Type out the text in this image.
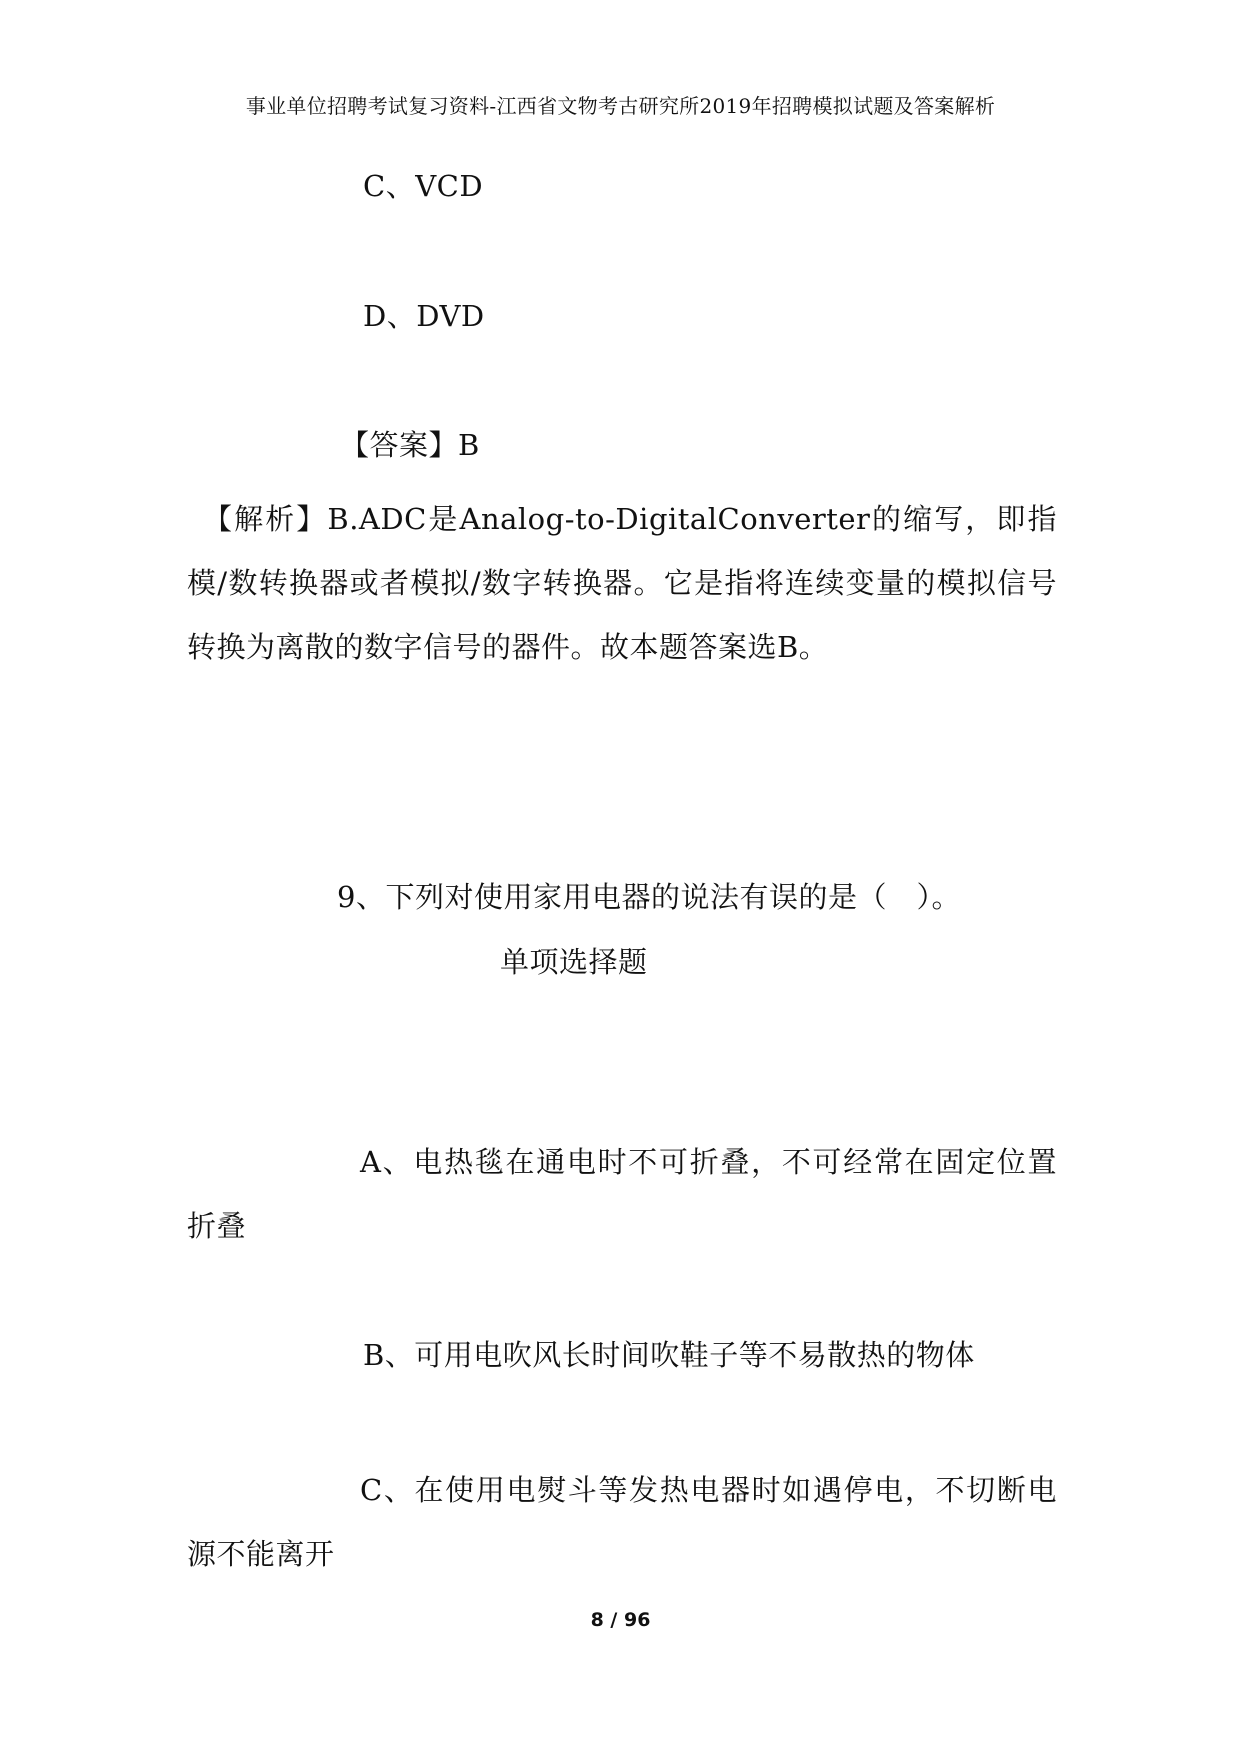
事业单位招聘考试复习资料-江西省文物考古研究所2019年招聘模拟试题及答案解析
C、VCD
D、DVD
【答案】B
【解析】B.ADC是Analog-to-DigitalConverter的缩写，即指模/数转换器或者模拟/数字转换器。它是指将连续变量的模拟信号转换为离散的数字信号的器件。故本题答案选B。
9、下列对使用家用电器的说法有误的是（　）。
单项选择题
A、电热毯在通电时不可折叠，不可经常在固定位置折叠
B、可用电吹风长时间吹鞋子等不易散热的物体
C、在使用电熨斗等发热电器时如遇停电，不切断电源不能离开
8 / 96
